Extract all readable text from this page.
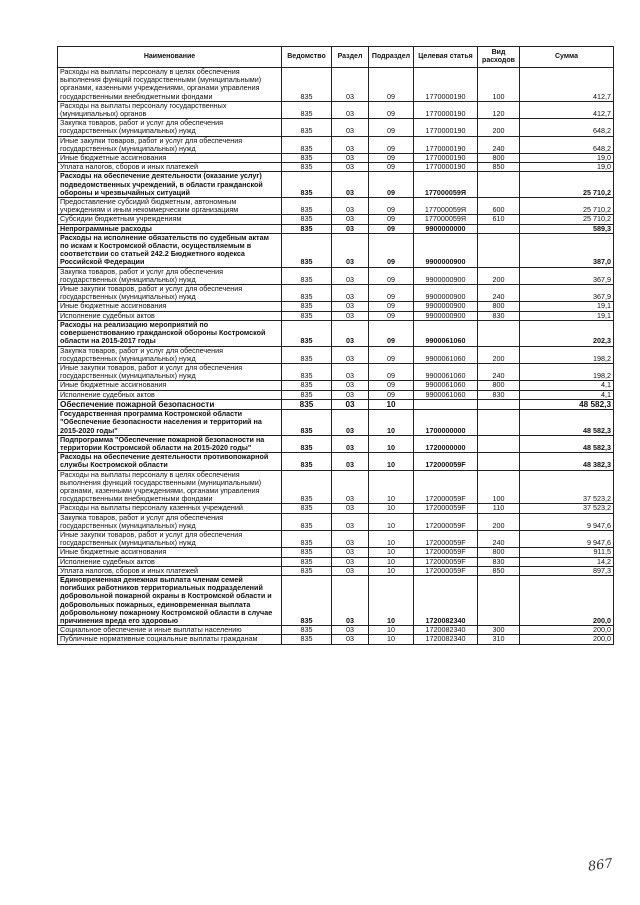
Наименование	Ведомство	Раздел	Подраздел	Целевая статья	Вид расходов	Сумма
Расходы на выплаты персоналу в целях обеспечения выполнения функций государственными (муниципальными) органами, казенными учреждениями, органами управления государственными внебюджетными фондами	835	03	09	1770000190	100	412,7
Расходы на выплаты персоналу государственных (муниципальных) органов	835	03	09	1770000190	120	412,7
Закупка товаров, работ и услуг для обеспечения государственных (муниципальных) нужд	835	03	09	1770000190	200	648,2
Иные закупки товаров, работ и услуг для обеспечения государственных (муниципальных) нужд	835	03	09	1770000190	240	648,2
Иные бюджетные ассигнования	835	03	09	1770000190	800	19,0
Уплата налогов, сборов и иных платежей	835	03	09	1770000190	850	19,0
Расходы на обеспечение деятельности (оказание услуг) подведомственных учреждений, в области гражданской обороны и чрезвычайных ситуаций	835	03	09	177000059Я		25 710,2
Предоставление субсидий бюджетным, автономным учреждениям и иным некоммерческим организациям	835	03	09	177000059Я	600	25 710,2
Субсидии бюджетным учреждениям	835	03	09	177000059Я	610	25 710,2
Непрограммные расходы	835	03	09	9900000000		589,3
Расходы на исполнение обязательств по судебным актам по искам к Костромской области, осуществляемым в соответствии со статьей 242.2 Бюджетного кодекса Российской Федерации	835	03	09	9900000900		387,0
Закупка товаров, работ и услуг для обеспечения государственных (муниципальных) нужд	835	03	09	9900000900	200	367,9
Иные закупки товаров, работ и услуг для обеспечения государственных (муниципальных) нужд	835	03	09	9900000900	240	367,9
Иные бюджетные ассигнования	835	03	09	9900000900	800	19,1
Исполнение судебных актов	835	03	09	9900000900	830	19,1
Расходы на реализацию мероприятий по совершенствованию гражданской обороны Костромской области на 2015-2017 годы	835	03	09	9900061060		202,3
Закупка товаров, работ и услуг для обеспечения государственных (муниципальных) нужд	835	03	09	9900061060	200	198,2
Иные закупки товаров, работ и услуг для обеспечения государственных (муниципальных) нужд	835	03	09	9900061060	240	198,2
Иные бюджетные ассигнования	835	03	09	9900061060	800	4,1
Исполнение судебных актов	835	03	09	9900061060	830	4,1
Обеспечение пожарной безопасности	835	03	10			48 582,3
Государственная программа Костромской области "Обеспечение безопасности населения и территорий на 2015-2020 годы"	835	03	10	1700000000		48 582,3
Подпрограмма "Обеспечение пожарной безопасности на территории Костромской области на 2015-2020 годы"	835	03	10	1720000000		48 582,3
Расходы на обеспечение деятельности противопожарной службы Костромской области	835	03	10	172000059F		48 382,3
Расходы на выплаты персоналу в целях обеспечения выполнения функций государственными (муниципальными) органами, казенными учреждениями, органами управления государственными внебюджетными фондами	835	03	10	172000059F	100	37 523,2
Расходы на выплаты персоналу казенных учреждений	835	03	10	172000059F	110	37 523,2
Закупка товаров, работ и услуг для обеспечения государственных (муниципальных) нужд	835	03	10	172000059F	200	9 947,6
Иные закупки товаров, работ и услуг для обеспечения государственных (муниципальных) нужд	835	03	10	172000059F	240	9 947,6
Иные бюджетные ассигнования	835	03	10	172000059F	800	911,5
Исполнение судебных актов	835	03	10	172000059F	830	14,2
Уплата налогов, сборов и иных платежей	835	03	10	172000059F	850	897,3
Единовременная денежная выплата членам семей погибших работников территориальных подразделений добровольной пожарной охраны в Костромской области и добровольных пожарных, единовременная выплата добровольному пожарному Костромской области в случае причинения вреда его здоровью	835	03	10	1720082340		200,0
Социальное обеспечение и иные выплаты населению	835	03	10	1720082340	300	200,0
Публичные нормативные социальные выплаты гражданам	835	03	10	1720082340	310	200,0
867
